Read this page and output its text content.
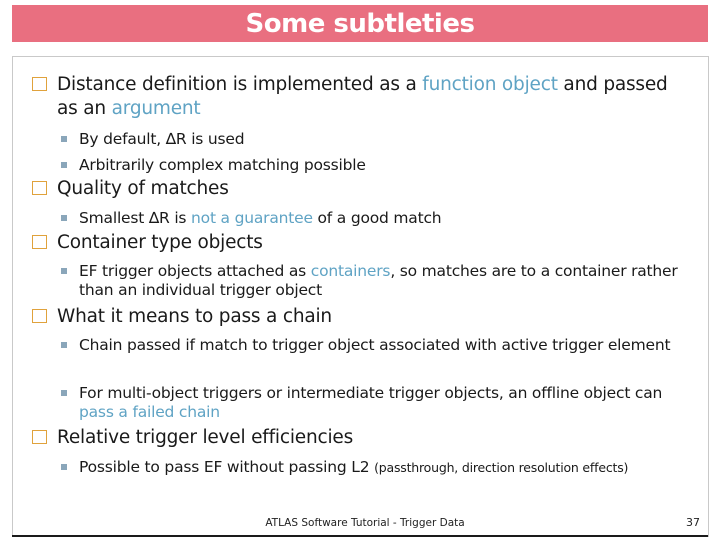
Some subtleties
Distance definition is implemented as a function object and passed as an argument
By default, ∆R is used
Arbitrarily complex matching possible
Quality of matches
Smallest ∆R is not a guarantee of a good match
Container type objects
EF trigger objects attached as containers, so matches are to a container rather than an individual trigger object
What it means to pass a chain
Chain passed if match to trigger object associated with active trigger element
For multi-object triggers or intermediate trigger objects, an offline object can pass a failed chain
Relative trigger level efficiencies
Possible to pass EF without passing L2 (passthrough, direction resolution effects)
ATLAS Software Tutorial - Trigger Data	37
